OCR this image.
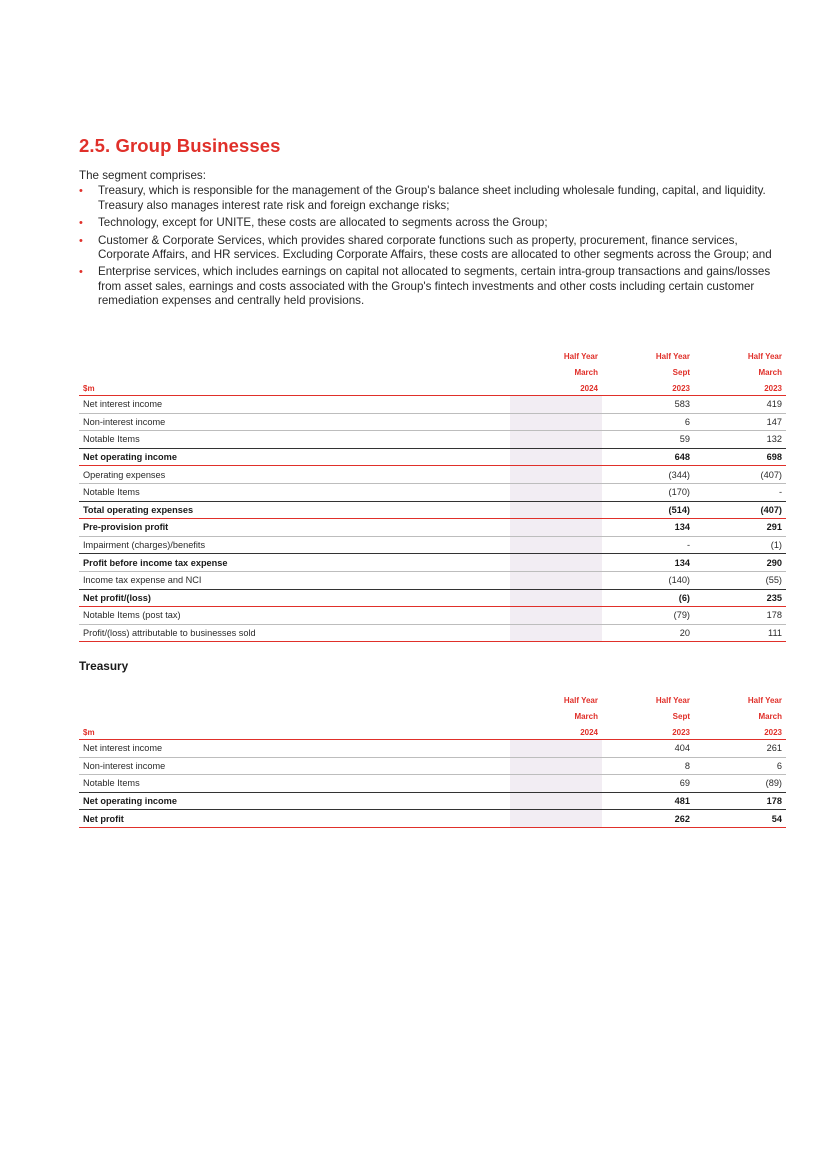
2.5. Group Businesses

The segment comprises:

• Treasury, which is responsible for the management of the Group's balance sheet including wholesale funding, capital, and liquidity. Treasury also manages interest rate risk and foreign exchange risks;
• Technology, except for UNITE, these costs are allocated to segments across the Group;
• Customer & Corporate Services, which provides shared corporate functions such as property, procurement, finance services, Corporate Affairs, and HR services. Excluding Corporate Affairs, these costs are allocated to other segments across the Group; and
• Enterprise services, which includes earnings on capital not allocated to segments, certain intra-group transactions and gains/losses from asset sales, earnings and costs associated with the Group's fintech investments and other costs including certain customer remediation expenses and centrally held provisions.
	Half Year	Half Year	Half Year
	March	Sept	March
$m	2024	2023	2023
Net interest income		583	419
Non-interest income		6	147
Notable Items		59	132
Net operating income		648	698
Operating expenses		(344)	(407)
Notable Items		(170)	-
Total operating expenses		(514)	(407)
Pre-provision profit		134	291
Impairment (charges)/benefits		-	(1)
Profit before income tax expense		134	290
Income tax expense and NCI		(140)	(55)
Net profit/(loss)		(6)	235
Notable Items (post tax)		(79)	178
Profit/(loss) attributable to businesses sold		20	111
Treasury
	Half Year	Half Year	Half Year
	March	Sept	March
$m	2024	2023	2023
Net interest income		404	261
Non-interest income		8	6
Notable Items		69	(89)
Net operating income		481	178
Net profit		262	54
